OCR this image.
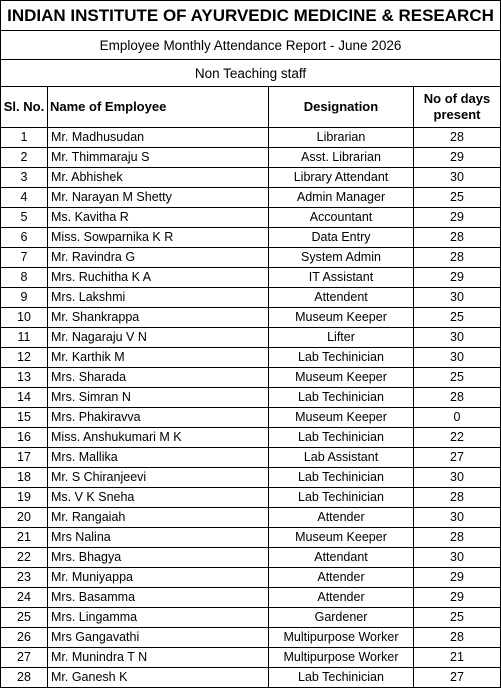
INDIAN INSTITUTE OF AYURVEDIC MEDICINE & RESEARCH			
Employee Monthly Attendance Report - June 2026			
Non Teaching staff			
Sl. No.	Name of Employee	Designation	No of days
present
1	Mr. Madhusudan	Librarian	28
2	Mr. Thimmaraju S	Asst. Librarian	29
3	Mr. Abhishek	Library Attendant	30
4	Mr. Narayan M Shetty	Admin Manager	25
5	Ms. Kavitha R	Accountant	29
6	Miss. Sowparnika K R	Data Entry	28
7	Mr. Ravindra G	System Admin	28
8	Mrs. Ruchitha K A	IT Assistant	29
9	Mrs. Lakshmi	Attendent	30
10	Mr. Shankrappa	Museum Keeper	25
11	Mr. Nagaraju V N	Lifter	30
12	Mr. Karthik M	Lab Techinician	30
13	Mrs. Sharada	Museum Keeper	25
14	Mrs. Simran N	Lab Techinician	28
15	Mrs. Phakiravva	Museum Keeper	0
16	Miss. Anshukumari M K	Lab Techinician	22
17	Mrs. Mallika	Lab Assistant	27
18	Mr. S Chiranjeevi	Lab Techinician	30
19	Ms. V K Sneha	Lab Techinician	28
20	Mr. Rangaiah	Attender	30
21	Mrs Nalina	Museum Keeper	28
22	Mrs. Bhagya	Attendant	30
23	Mr. Muniyappa	Attender	29
24	Mrs. Basamma	Attender	29
25	Mrs. Lingamma	Gardener	25
26	Mrs Gangavathi	Multipurpose Worker	28
27	Mr. Munindra T N	Multipurpose Worker	21
28	Mr. Ganesh K	Lab Techinician	27
